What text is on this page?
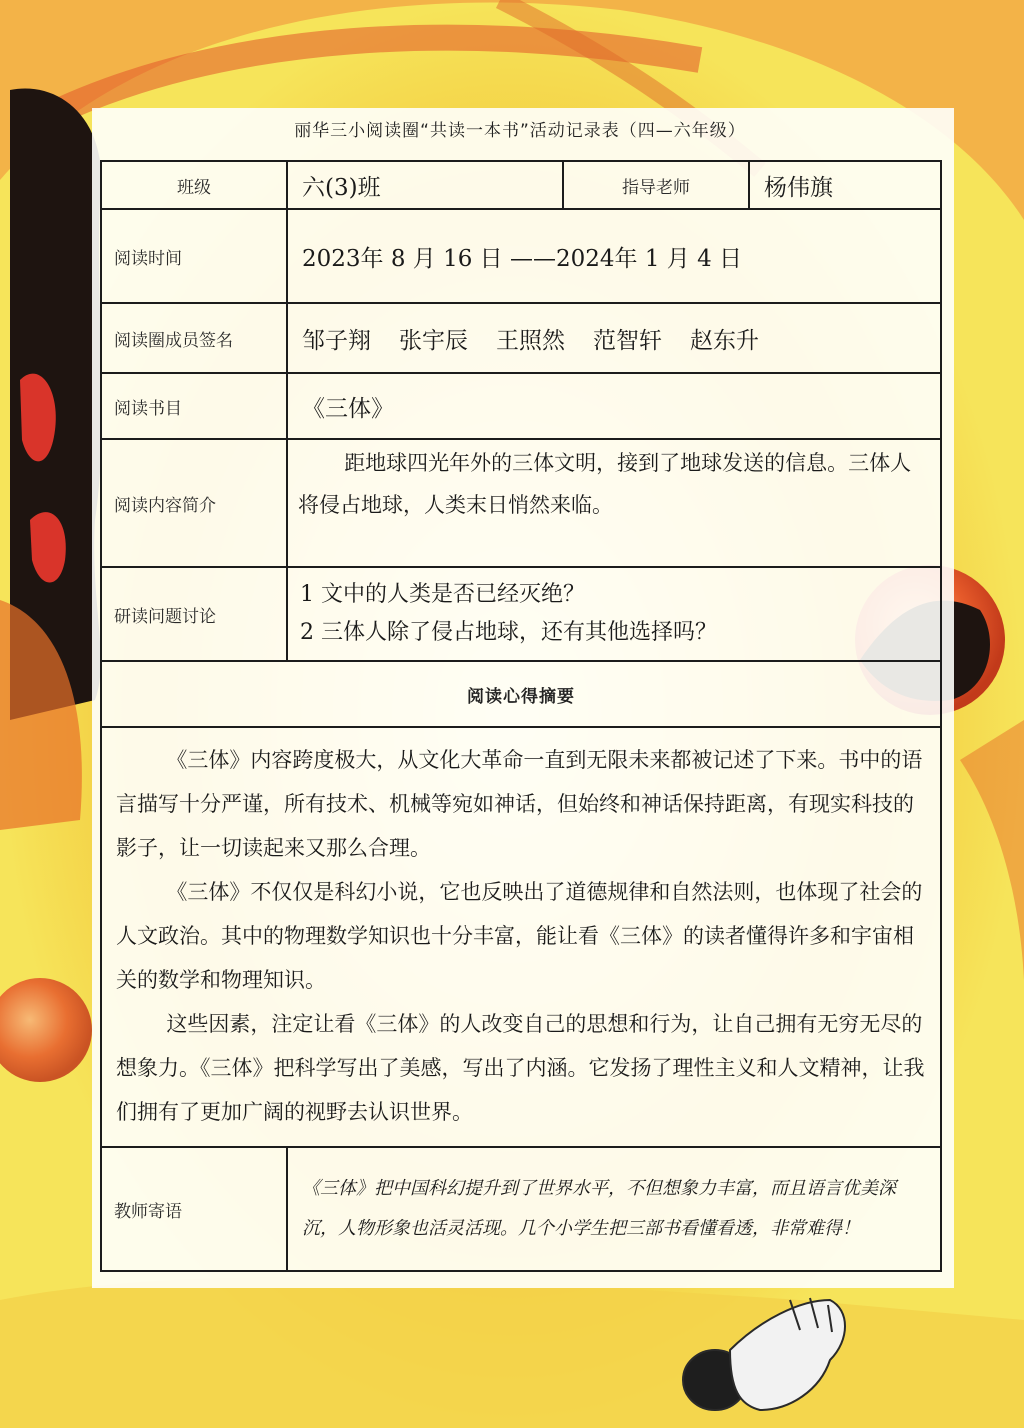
丽华三小阅读圈“共读一本书”活动记录表（四—六年级）
班级	六(3)班	指导老师	杨伟旗
阅读时间	2023年 8 月 16 日 ——2024年 1 月 4 日		
阅读圈成员签名	邹子翔 张宇辰 王照然 范智轩 赵东升		
阅读书目	《三体》		
阅读内容简介	距地球四光年外的三体文明，接到了地球发送的信息。三体人将侵占地球，人类末日悄然来临。		
研读问题讨论	1 文中的人类是否已经灭绝？
2 三体人除了侵占地球，还有其他选择吗？		

阅读心得摘要			

《三体》内容跨度极大，从文化大革命一直到无限未来都被记述了下来。书中的语言描写十分严谨，所有技术、机械等宛如神话，但始终和神话保持距离，有现实科技的影子，让一切读起来又那么合理。

《三体》不仅仅是科幻小说，它也反映出了道德规律和自然法则，也体现了社会的人文政治。其中的物理数学知识也十分丰富，能让看《三体》的读者懂得许多和宇宙相关的数学和物理知识。

这些因素，注定让看《三体》的人改变自己的思想和行为，让自己拥有无穷无尽的想象力。《三体》把科学写出了美感，写出了内涵。它发扬了理性主义和人文精神，让我们拥有了更加广阔的视野去认识世界。			

教师寄语	《三体》把中国科幻提升到了世界水平，不但想象力丰富，而且语言优美深沉，人物形象也活灵活现。几个小学生把三部书看懂看透，非常难得！		
